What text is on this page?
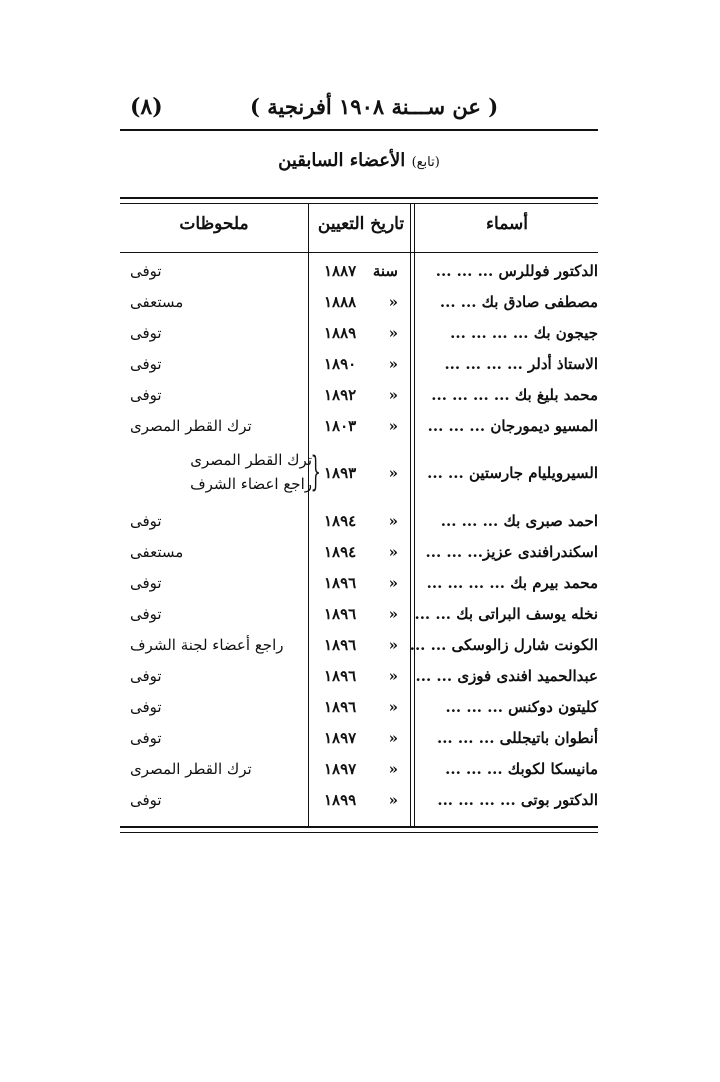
(٨)	( عن ســـنة ١٩٠٨ أفرنجية )
(تابع) الأعضاء السابقين
أسماء
تاريخ التعيين
ملحوظات
الدكتور فوللرس ... ... ...
سنة
١٨٨٧
توفى
مصطفى صادق بك ... ...
«
١٨٨٨
مستعفى
جيجون بك ... ... ... ...
«
١٨٨٩
توفى
الاستاذ أدلر ... ... ... ...
«
١٨٩٠
توفى
محمد بليغ بك ... ... ... ...
«
١٨٩٢
توفى
المسيو ديمورجان ... ... ...
«
١٨٠٣
ترك القطر المصرى
السيرويليام جارستين ... ...
«
١٨٩٣
}
ترك القطر المصرى
راجع اعضاء الشرف
احمد صبرى بك ... ... ...
«
١٨٩٤
توفى
اسكندرافندى عزيز... ... ...
«
١٨٩٤
مستعفى
محمد بيرم بك ... ... ... ...
«
١٨٩٦
توفى
نخله يوسف البراتى بك ... ...
«
١٨٩٦
توفى
الكونت شارل زالوسكى ... ...
«
١٨٩٦
راجع أعضاء لجنة الشرف
عبدالحميد افندى فوزى ... ...
«
١٨٩٦
توفى
كليتون دوكنس ... ... ...
«
١٨٩٦
توفى
أنطوان باتيجللى ... ... ...
«
١٨٩٧
توفى
مانيسكا لكوبك ... ... ...
«
١٨٩٧
ترك القطر المصرى
الدكتور بوتى ... ... ... ...
«
١٨٩٩
توفى
